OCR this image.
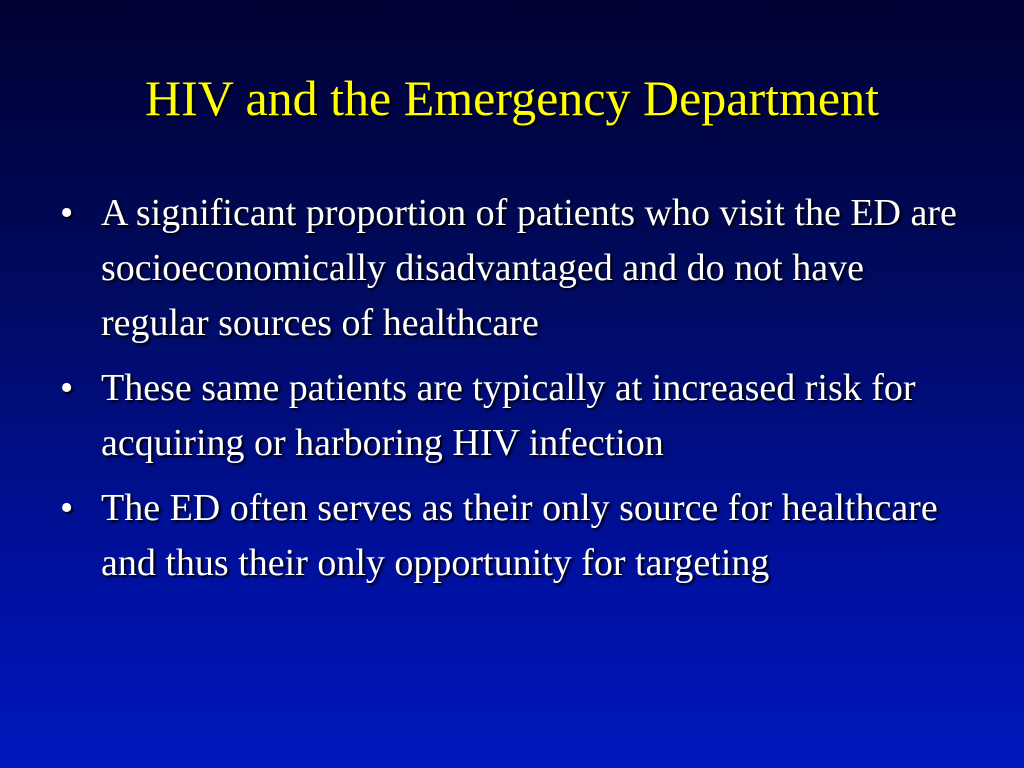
HIV and the Emergency Department
• A significant proportion of patients who visit the ED are socioeconomically disadvantaged and do not have regular sources of healthcare
• These same patients are typically at increased risk for acquiring or harboring HIV infection
• The ED often serves as their only source for healthcare and thus their only opportunity for targeting
